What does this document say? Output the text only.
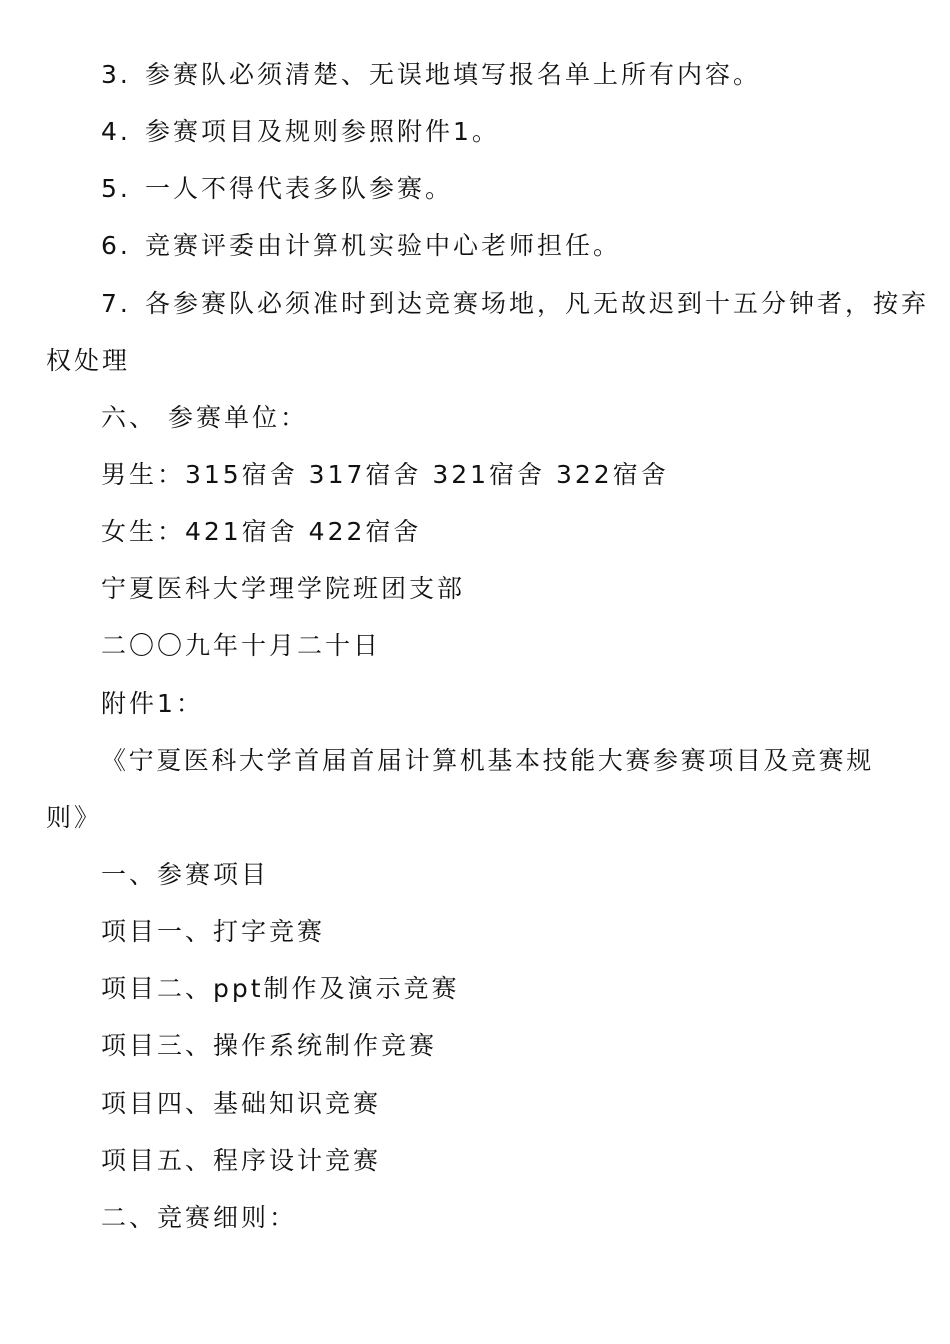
3. 参赛队必须清楚、无误地填写报名单上所有内容。
4. 参赛项目及规则参照附件1。
5. 一人不得代表多队参赛。
6. 竞赛评委由计算机实验中心老师担任。
7. 各参赛队必须准时到达竞赛场地，凡无故迟到十五分钟者，按弃
权处理
六、 参赛单位：
男生：315宿舍 317宿舍 321宿舍 322宿舍
女生：421宿舍 422宿舍
宁夏医科大学理学院班团支部
二〇〇九年十月二十日
附件1：
《宁夏医科大学首届首届计算机基本技能大赛参赛项目及竞赛规
则》
一、参赛项目
项目一、打字竞赛
项目二、ppt制作及演示竞赛
项目三、操作系统制作竞赛
项目四、基础知识竞赛
项目五、程序设计竞赛
二、竞赛细则：
